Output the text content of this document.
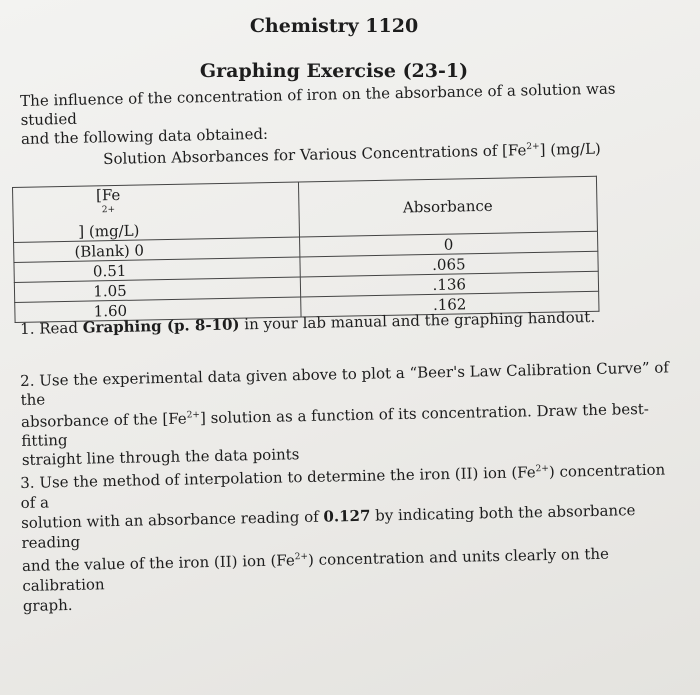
Chemistry 1120
Graphing Exercise (23-1)
The influence of the concentration of iron on the absorbance of a solution was studied
and the following data obtained:
Solution Absorbances for Various Concentrations of $[Fe^{2+}]$ (mg/L)
$[Fe^{2+}]$ (mg/L)	Absorbance
(Blank) 0	0
0.51	.065
1.05	.136
1.60	.162
1. Read Graphing (p. 8-10) in your lab manual and the graphing handout.
2. Use the experimental data given above to plot a “Beer's Law Calibration Curve” of the
absorbance of the $[Fe^{2+}]$ solution as a function of its concentration. Draw the best-fitting
straight line through the data points
3. Use the method of interpolation to determine the iron (II) ion $(Fe^{2+})$ concentration of a
solution with an absorbance reading of 0.127 by indicating both the absorbance reading
and the value of the iron (II) ion $(Fe^{2+})$ concentration and units clearly on the calibration
graph.
